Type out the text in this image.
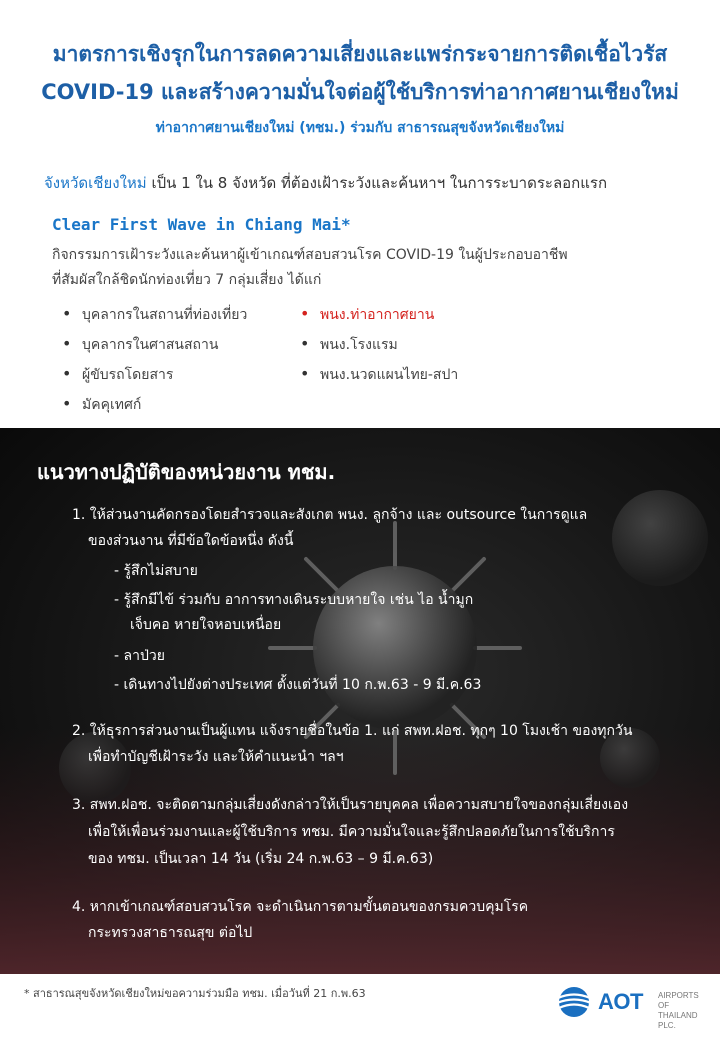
มาตรการเชิงรุกในการลดความเสี่ยงและแพร่กระจายการติดเชื้อไวรัส
COVID-19 และสร้างความมั่นใจต่อผู้ใช้บริการท่าอากาศยานเชียงใหม่
ท่าอากาศยานเชียงใหม่ (ทชม.) ร่วมกับ สาธารณสุขจังหวัดเชียงใหม่
จังหวัดเชียงใหม่ เป็น 1 ใน 8 จังหวัด ที่ต้องเฝ้าระวังและค้นหาฯ ในการระบาดระลอกแรก
Clear First Wave in Chiang Mai*
กิจกรรมการเฝ้าระวังและค้นหาผู้เข้าเกณฑ์สอบสวนโรค COVID-19 ในผู้ประกอบอาชีพ
ที่สัมผัสใกล้ชิดนักท่องเที่ยว 7 กลุ่มเสี่ยง ได้แก่
• บุคลากรในสถานที่ท่องเที่ยว
• บุคลากรในศาสนสถาน
• ผู้ขับรถโดยสาร
• มัคคุเทศก์
• พนง.ท่าอากาศยาน
• พนง.โรงแรม
• พนง.นวดแผนไทย-สปา
แนวทางปฏิบัติของหน่วยงาน ทชม.
1. ให้ส่วนงานคัดกรองโดยสำรวจและสังเกต พนง. ลูกจ้าง และ outsource ในการดูแล
ของส่วนงาน ที่มีข้อใดข้อหนึ่ง ดังนี้
- รู้สึกไม่สบาย
- รู้สึกมีไข้ ร่วมกับ อาการทางเดินระบบหายใจ เช่น ไอ น้ำมูก
เจ็บคอ หายใจหอบเหนื่อย
- ลาป่วย
- เดินทางไปยังต่างประเทศ ตั้งแต่วันที่ 10 ก.พ.63 - 9 มี.ค.63
2. ให้ธุรการส่วนงานเป็นผู้แทน แจ้งรายชื่อในข้อ 1. แก่ สพท.ฝอช. ทุกๆ 10 โมงเช้า ของทุกวัน
เพื่อทำบัญชีเฝ้าระวัง และให้คำแนะนำ ฯลฯ
3. สพท.ฝอช. จะติดตามกลุ่มเสี่ยงดังกล่าวให้เป็นรายบุคคล เพื่อความสบายใจของกลุ่มเสี่ยงเอง
เพื่อให้เพื่อนร่วมงานและผู้ใช้บริการ ทชม. มีความมั่นใจและรู้สึกปลอดภัยในการใช้บริการ
ของ ทชม. เป็นเวลา 14 วัน (เริ่ม 24 ก.พ.63 – 9 มี.ค.63)
4. หากเข้าเกณฑ์สอบสวนโรค จะดำเนินการตามขั้นตอนของกรมควบคุมโรค
กระทรวงสาธารณสุข ต่อไป
* สาธารณสุขจังหวัดเชียงใหม่ขอความร่วมมือ ทชม. เมื่อวันที่ 21 ก.พ.63	AOT AIRPORTS OF
THAILAND PLC.
